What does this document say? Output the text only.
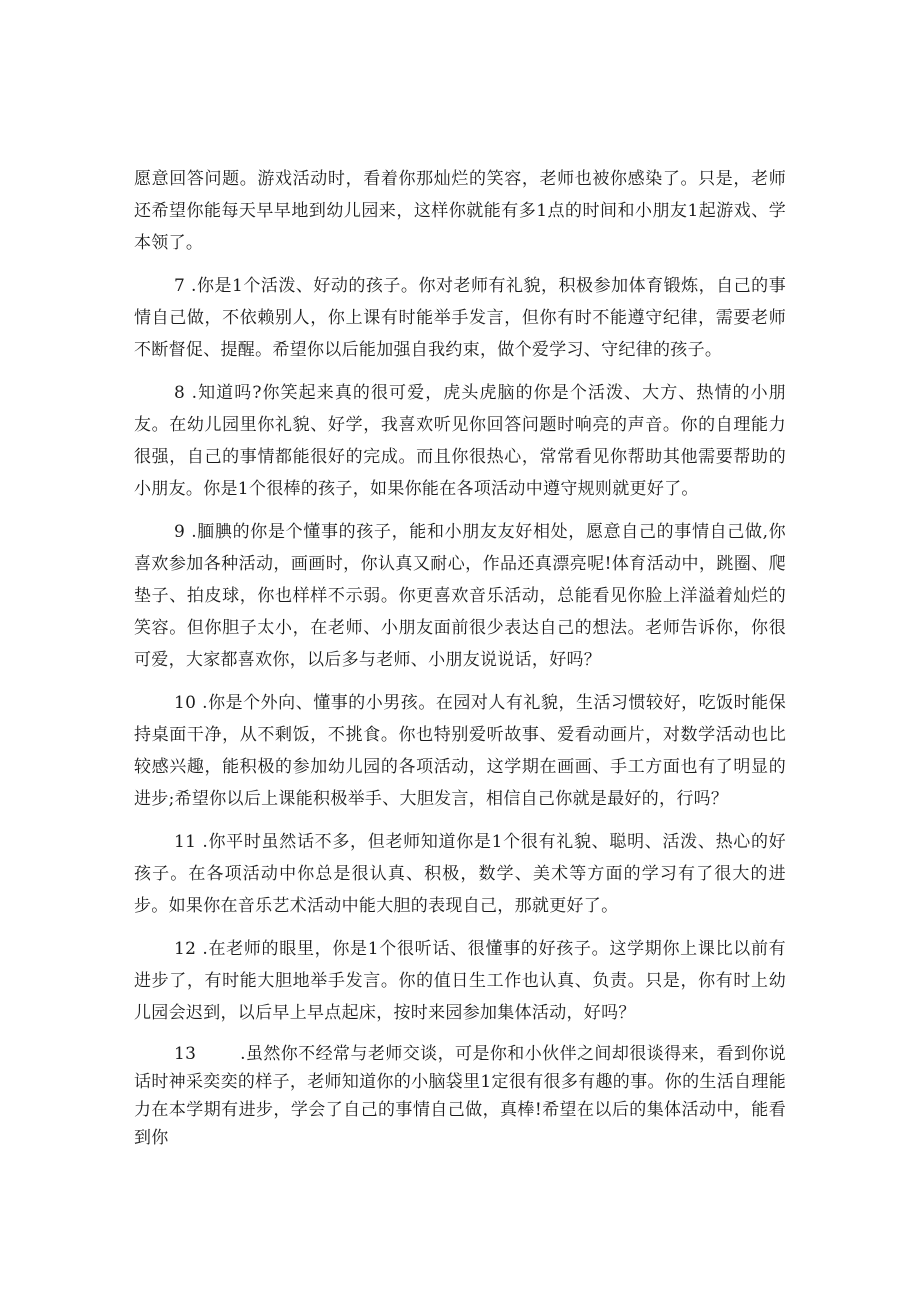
愿意回答问题。游戏活动时，看着你那灿烂的笑容，老师也被你感染了。只是，老师还希望你能每天早早地到幼儿园来，这样你就能有多1点的时间和小朋友1起游戏、学本领了。

7 .你是1个活泼、好动的孩子。你对老师有礼貌，积极参加体育锻炼，自己的事情自己做，不依赖别人，你上课有时能举手发言，但你有时不能遵守纪律，需要老师不断督促、提醒。希望你以后能加强自我约束，做个爱学习、守纪律的孩子。

8 .知道吗?你笑起来真的很可爱，虎头虎脑的你是个活泼、大方、热情的小朋友。在幼儿园里你礼貌、好学，我喜欢听见你回答问题时响亮的声音。你的自理能力很强，自己的事情都能很好的完成。而且你很热心，常常看见你帮助其他需要帮助的小朋友。你是1个很棒的孩子，如果你能在各项活动中遵守规则就更好了。

9 .腼腆的你是个懂事的孩子，能和小朋友友好相处，愿意自己的事情自己做,你喜欢参加各种活动，画画时，你认真又耐心，作品还真漂亮呢!体育活动中，跳圈、爬垫子、拍皮球，你也样样不示弱。你更喜欢音乐活动，总能看见你脸上洋溢着灿烂的笑容。但你胆子太小，在老师、小朋友面前很少表达自己的想法。老师告诉你，你很可爱，大家都喜欢你，以后多与老师、小朋友说说话，好吗？

10 .你是个外向、懂事的小男孩。在园对人有礼貌，生活习惯较好，吃饭时能保持桌面干净，从不剩饭，不挑食。你也特别爱听故事、爱看动画片，对数学活动也比较感兴趣，能积极的参加幼儿园的各项活动，这学期在画画、手工方面也有了明显的进步;希望你以后上课能积极举手、大胆发言，相信自己你就是最好的，行吗？

11 .你平时虽然话不多，但老师知道你是1个很有礼貌、聪明、活泼、热心的好孩子。在各项活动中你总是很认真、积极，数学、美术等方面的学习有了很大的进步。如果你在音乐艺术活动中能大胆的表现自己，那就更好了。

12 .在老师的眼里，你是1个很听话、很懂事的好孩子。这学期你上课比以前有进步了，有时能大胆地举手发言。你的值日生工作也认真、负责。只是，你有时上幼儿园会迟到，以后早上早点起床，按时来园参加集体活动，好吗？

13	.虽然你不经常与老师交谈，可是你和小伙伴之间却很谈得来，看到你说话时神采奕奕的样子，老师知道你的小脑袋里1定很有很多有趣的事。你的生活自理能力在本学期有进步，学会了自己的事情自己做，真棒!希望在以后的集体活动中，能看到你
